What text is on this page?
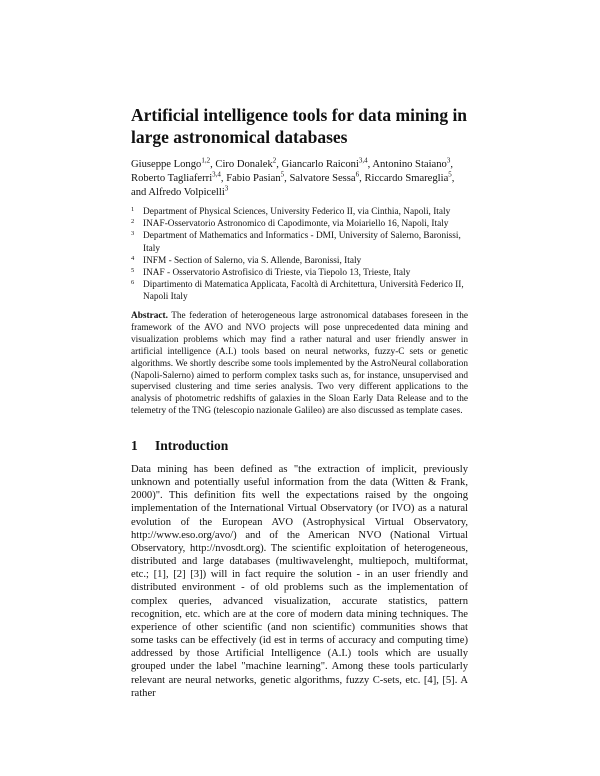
Artificial intelligence tools for data mining in large astronomical databases
Giuseppe Longo$^{1,2}$, Ciro Donalek$^2$, Giancarlo Raiconi$^{3,4}$, Antonino Staiano$^3$, Roberto Tagliaferri$^{3,4}$, Fabio Pasian$^5$, Salvatore Sessa$^6$, Riccardo Smareglia$^5$, and Alfredo Volpicelli$^3$
1 Department of Physical Sciences, University Federico II, via Cinthia, Napoli, Italy
2 INAF-Osservatorio Astronomico di Capodimonte, via Moiariello 16, Napoli, Italy
3 Department of Mathematics and Informatics - DMI, University of Salerno, Baronissi, Italy
4 INFM - Section of Salerno, via S. Allende, Baronissi, Italy
5 INAF - Osservatorio Astrofisico di Trieste, via Tiepolo 13, Trieste, Italy
6 Dipartimento di Matematica Applicata, Facoltà di Architettura, Università Federico II, Napoli Italy
Abstract. The federation of heterogeneous large astronomical databases foreseen in the framework of the AVO and NVO projects will pose unprecedented data mining and visualization problems which may find a rather natural and user friendly answer in artificial intelligence (A.I.) tools based on neural networks, fuzzy-C sets or genetic algorithms. We shortly describe some tools implemented by the AstroNeural collaboration (Napoli-Salerno) aimed to perform complex tasks such as, for instance, unsupervised and supervised clustering and time series analysis. Two very different applications to the analysis of photometric redshifts of galaxies in the Sloan Early Data Release and to the telemetry of the TNG (telescopio nazionale Galileo) are also discussed as template cases.
1 Introduction

Data mining has been defined as "the extraction of implicit, previously unknown and potentially useful information from the data (Witten & Frank, 2000)". This definition fits well the expectations raised by the ongoing implementation of the International Virtual Observatory (or IVO) as a natural evolution of the European AVO (Astrophysical Virtual Observatory, http://www.eso.org/avo/) and of the American NVO (National Virtual Observatory, http://nvosdt.org). The scientific exploitation of heterogeneous, distributed and large databases (multiwavelenght, multiepoch, multiformat, etc.; [1], [2] [3]) will in fact require the solution - in an user friendly and distributed environment - of old problems such as the implementation of complex queries, advanced visualization, accurate statistics, pattern recognition, etc. which are at the core of modern data mining techniques. The experience of other scientific (and non scientific) communities shows that some tasks can be effectively (id est in terms of accuracy and computing time) addressed by those Artificial Intelligence (A.I.) tools which are usually grouped under the label "machine learning". Among these tools particularly relevant are neural networks, genetic algorithms, fuzzy C-sets, etc. [4], [5]. A rather
